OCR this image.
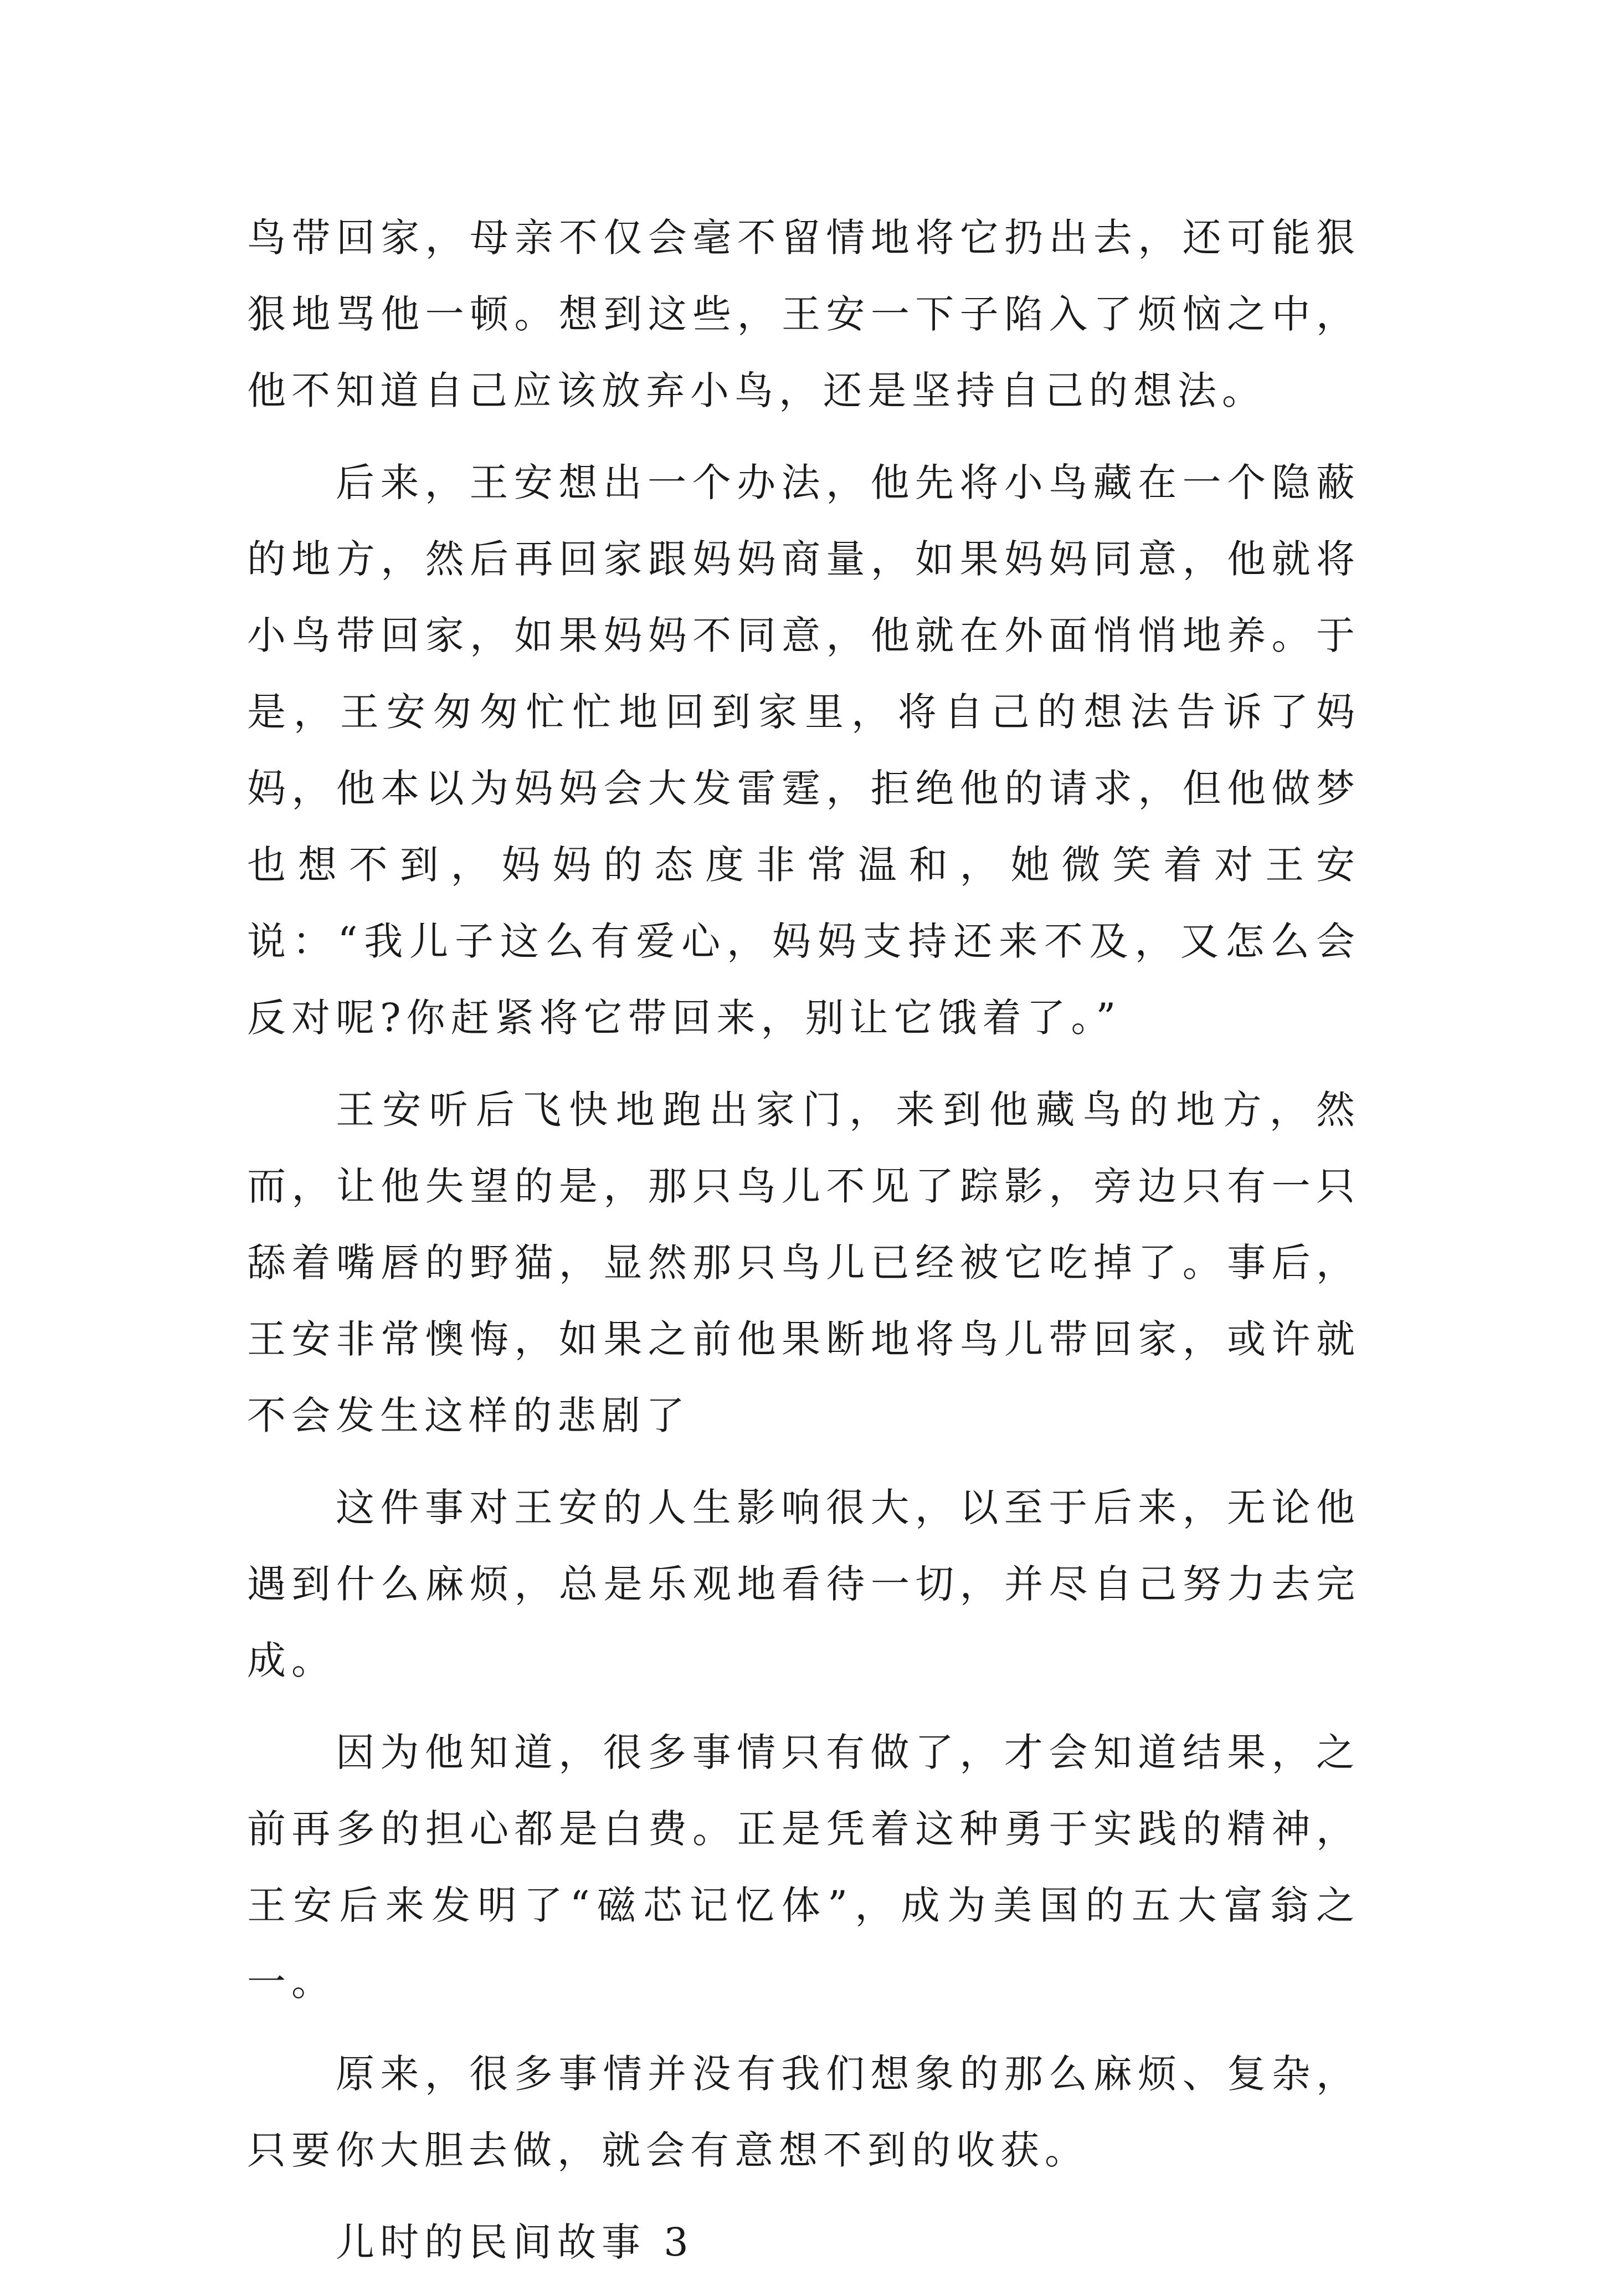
鸟带回家，母亲不仅会毫不留情地将它扔出去，还可能狠狠地骂他一顿。想到这些，王安一下子陷入了烦恼之中，他不知道自己应该放弃小鸟，还是坚持自己的想法。

后来，王安想出一个办法，他先将小鸟藏在一个隐蔽的地方，然后再回家跟妈妈商量，如果妈妈同意，他就将小鸟带回家，如果妈妈不同意，他就在外面悄悄地养。于是，王安匆匆忙忙地回到家里，将自己的想法告诉了妈妈，他本以为妈妈会大发雷霆，拒绝他的请求，但他做梦也想不到，妈妈的态度非常温和，她微笑着对王安说：“我儿子这么有爱心，妈妈支持还来不及，又怎么会反对呢?你赶紧将它带回来，别让它饿着了。”

王安听后飞快地跑出家门，来到他藏鸟的地方，然而，让他失望的是，那只鸟儿不见了踪影，旁边只有一只舔着嘴唇的野猫，显然那只鸟儿已经被它吃掉了。事后，王安非常懊悔，如果之前他果断地将鸟儿带回家，或许就不会发生这样的悲剧了

这件事对王安的人生影响很大，以至于后来，无论他遇到什么麻烦，总是乐观地看待一切，并尽自己努力去完成。

因为他知道，很多事情只有做了，才会知道结果，之前再多的担心都是白费。正是凭着这种勇于实践的精神，王安后来发明了“磁芯记忆体”，成为美国的五大富翁之一。

原来，很多事情并没有我们想象的那么麻烦、复杂，只要你大胆去做，就会有意想不到的收获。

儿时的民间故事 3
